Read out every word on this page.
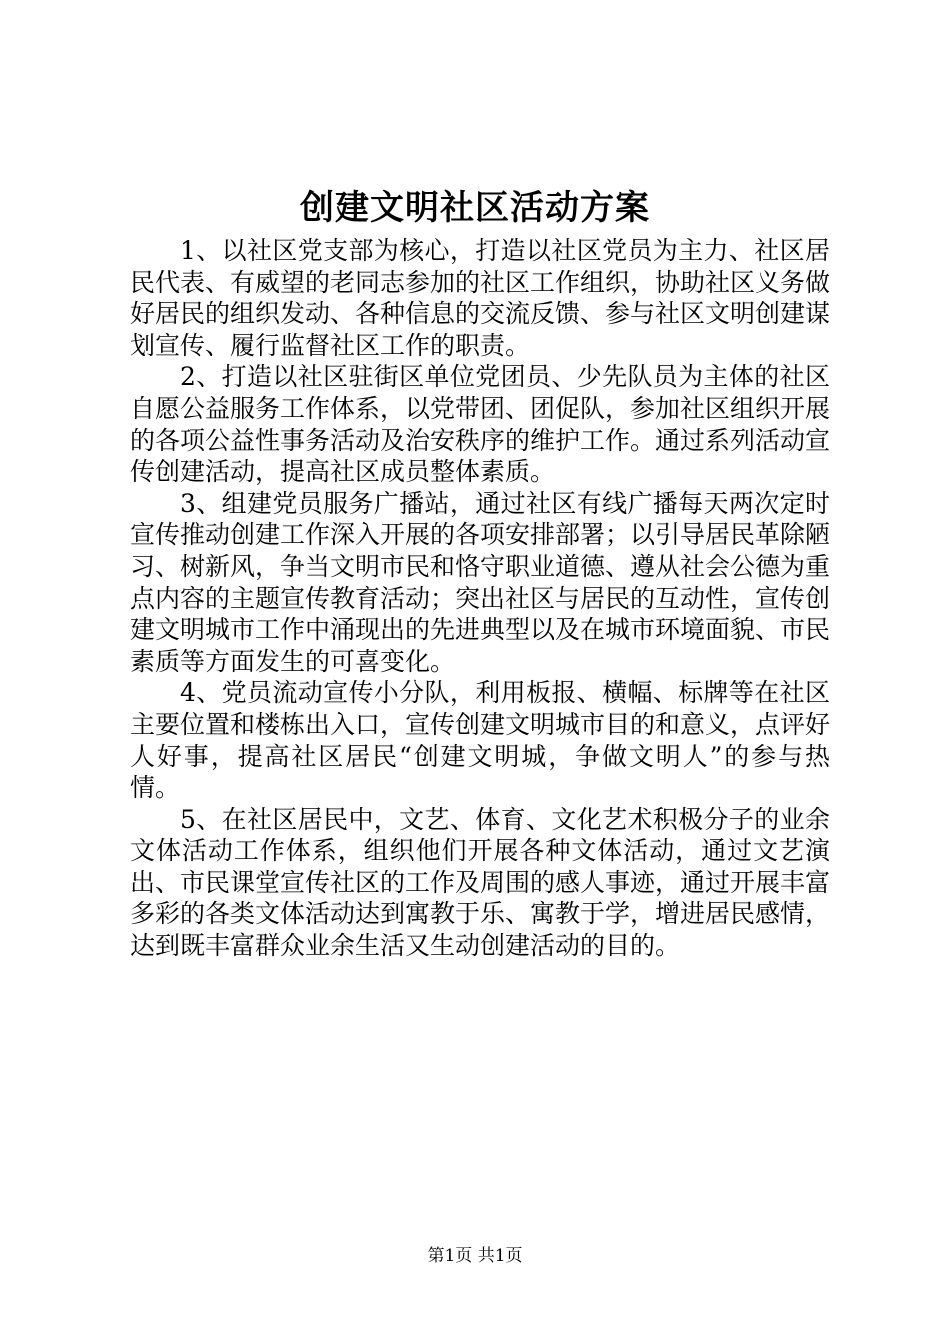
创建文明社区活动方案

1、以社区党支部为核心，打造以社区党员为主力、社区居民代表、有威望的老同志参加的社区工作组织，协助社区义务做好居民的组织发动、各种信息的交流反馈、参与社区文明创建谋划宣传、履行监督社区工作的职责。

2、打造以社区驻街区单位党团员、少先队员为主体的社区自愿公益服务工作体系，以党带团、团促队，参加社区组织开展的各项公益性事务活动及治安秩序的维护工作。通过系列活动宣传创建活动，提高社区成员整体素质。

3、组建党员服务广播站，通过社区有线广播每天两次定时宣传推动创建工作深入开展的各项安排部署；以引导居民革除陋习、树新风，争当文明市民和恪守职业道德、遵从社会公德为重点内容的主题宣传教育活动；突出社区与居民的互动性，宣传创建文明城市工作中涌现出的先进典型以及在城市环境面貌、市民素质等方面发生的可喜变化。

4、党员流动宣传小分队，利用板报、横幅、标牌等在社区主要位置和楼栋出入口，宣传创建文明城市目的和意义，点评好人好事，提高社区居民“创建文明城，争做文明人”的参与热情。

5、在社区居民中，文艺、体育、文化艺术积极分子的业余文体活动工作体系，组织他们开展各种文体活动，通过文艺演出、市民课堂宣传社区的工作及周围的感人事迹，通过开展丰富多彩的各类文体活动达到寓教于乐、寓教于学，增进居民感情，达到既丰富群众业余生活又生动创建活动的目的。

第1页 共1页
